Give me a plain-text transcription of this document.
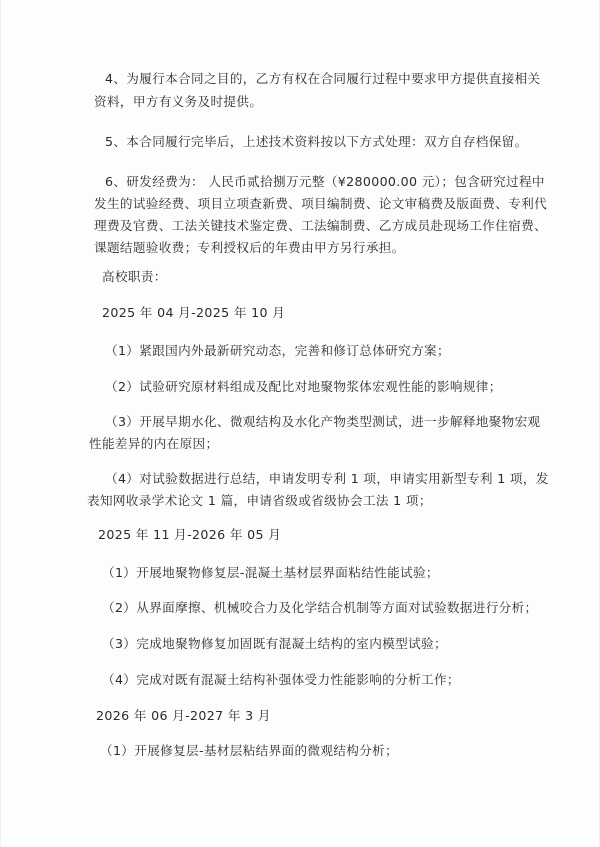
4、为履行本合同之目的，乙方有权在合同履行过程中要求甲方提供直接相关
资料，甲方有义务及时提供。
5、本合同履行完毕后，上述技术资料按以下方式处理：双方自存档保留。
6、研发经费为： 人民币贰拾捌万元整（¥280000.00 元）；包含研究过程中
发生的试验经费、项目立项查新费、项目编制费、论文审稿费及版面费、专利代
理费及官费、工法关键技术鉴定费、工法编制费、乙方成员赴现场工作住宿费、
课题结题验收费；专利授权后的年费由甲方另行承担。
高校职责：
2025 年 04 月-2025 年 10 月
（1）紧跟国内外最新研究动态，完善和修订总体研究方案；
（2）试验研究原材料组成及配比对地聚物浆体宏观性能的影响规律；
（3）开展早期水化、微观结构及水化产物类型测试，进一步解释地聚物宏观
性能差异的内在原因；
（4）对试验数据进行总结，申请发明专利 1 项，申请实用新型专利 1 项，发
表知网收录学术论文 1 篇，申请省级或省级协会工法 1 项；
2025 年 11 月-2026 年 05 月
（1）开展地聚物修复层-混凝土基材层界面粘结性能试验；
（2）从界面摩擦、机械咬合力及化学结合机制等方面对试验数据进行分析；
（3）完成地聚物修复加固既有混凝土结构的室内模型试验；
（4）完成对既有混凝土结构补强体受力性能影响的分析工作；
2026 年 06 月-2027 年 3 月
（1）开展修复层-基材层粘结界面的微观结构分析；
